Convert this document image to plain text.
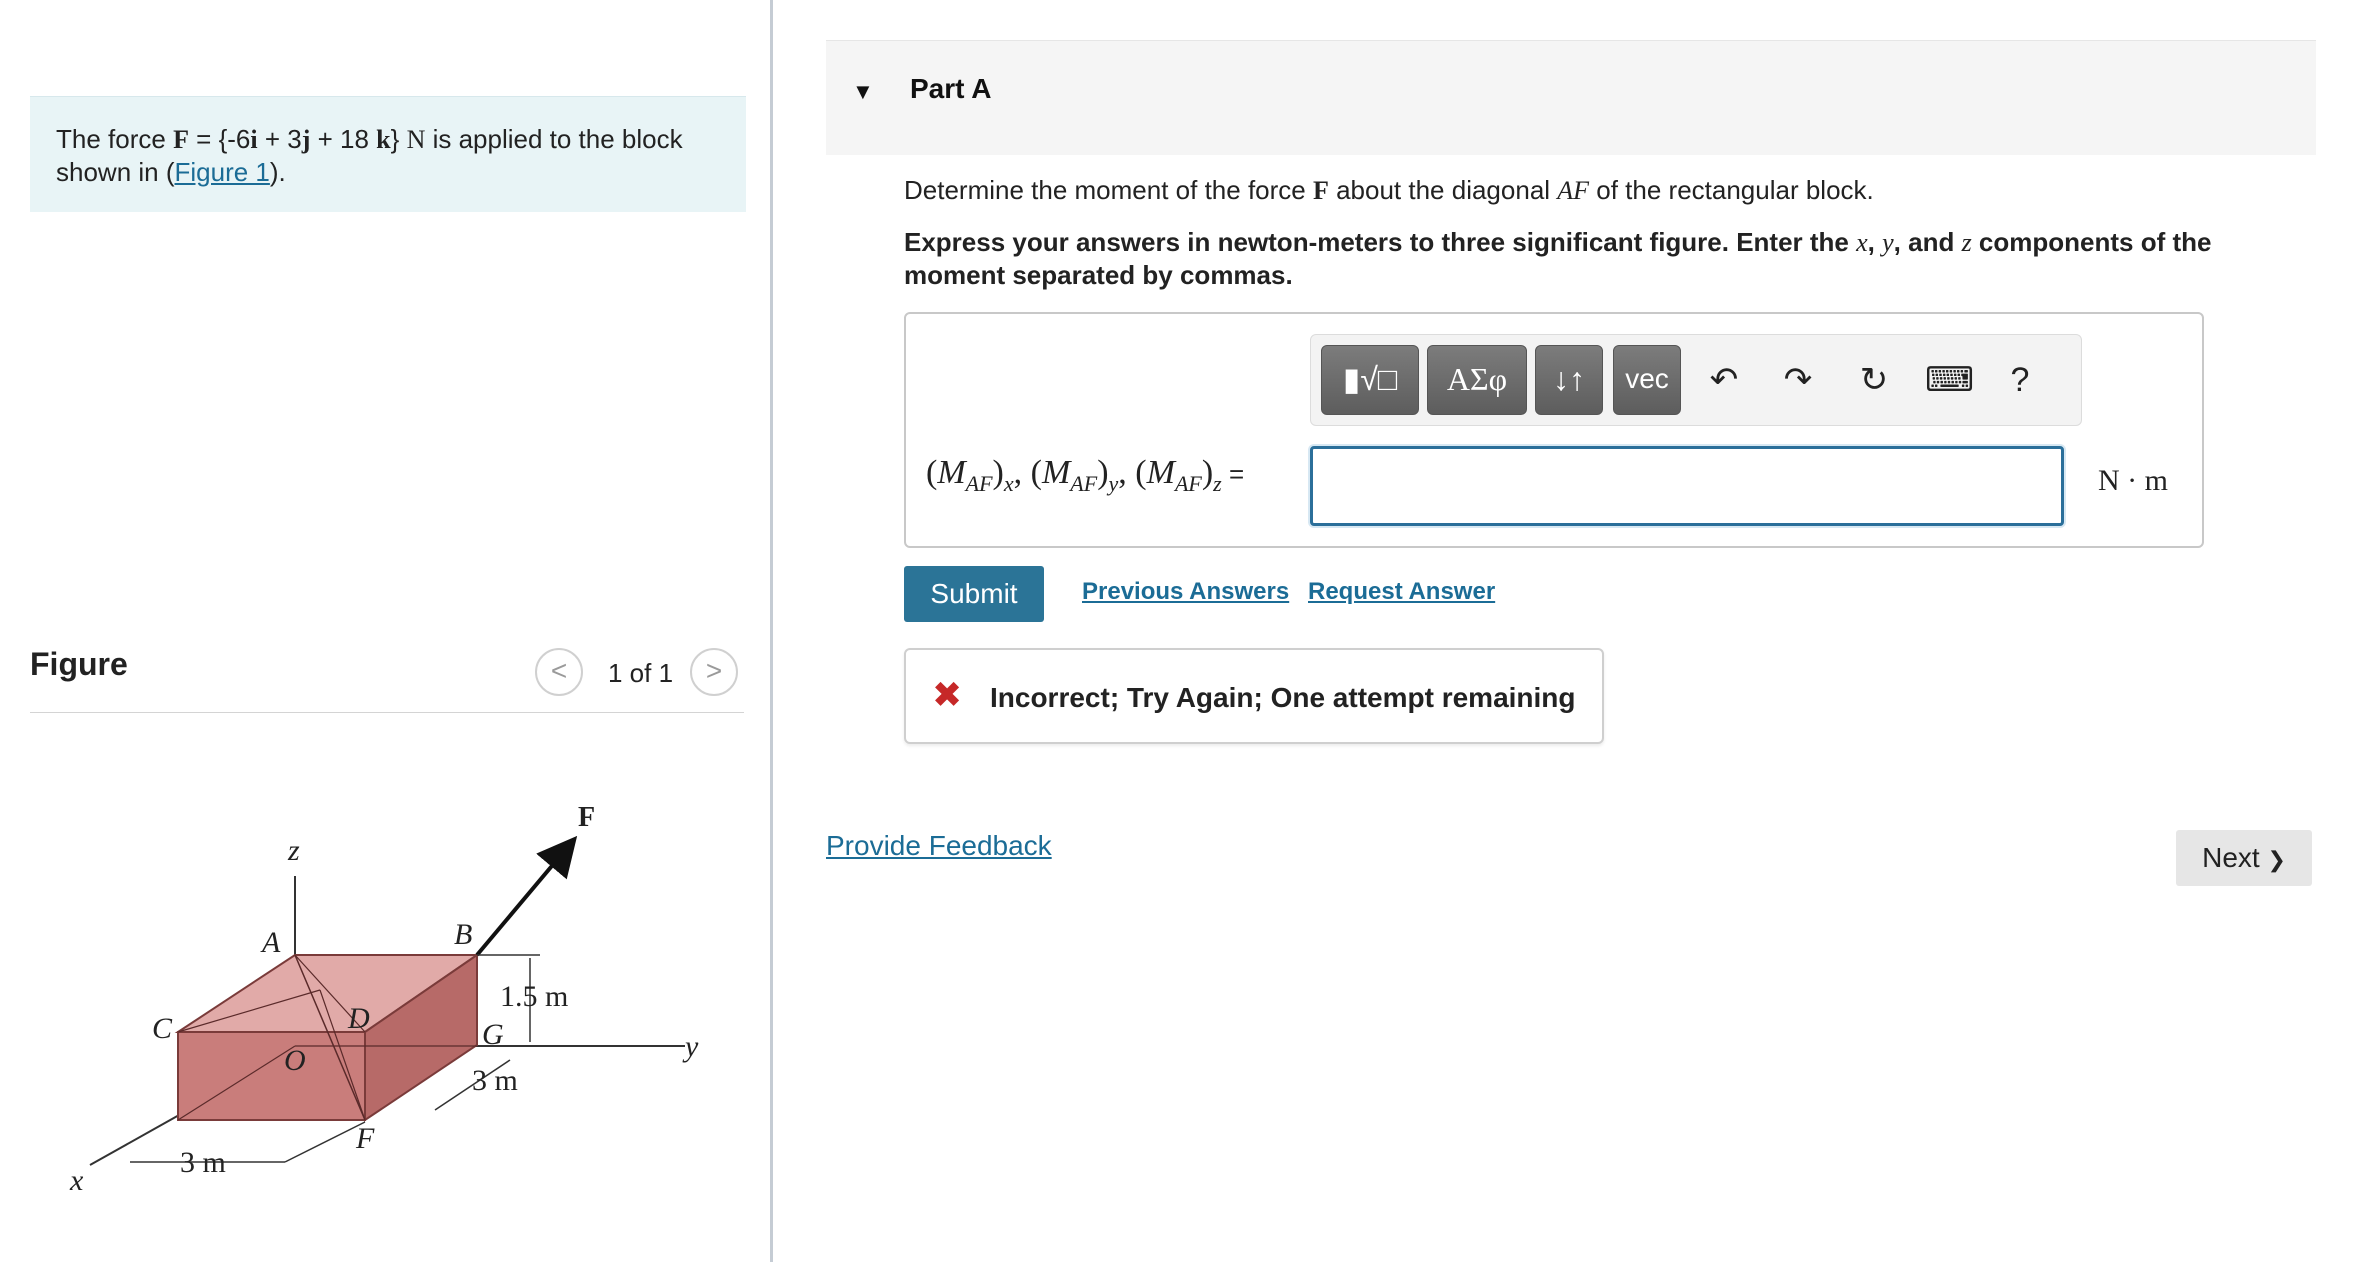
The force F = {-6i + 3j + 18 k} N is applied to the block
shown in (Figure 1).
Figure	<	1 of 1	>
z
A	B
C	D	G
O
F
x
y
F
1.5 m
3 m
3 m
▼ Part A
Determine the moment of the force F about the diagonal AF of the rectangular block.
Express your answers in newton-meters to three significant figure. Enter the x, y, and z components of the moment separated by commas.
▮√□	ΑΣφ	↓↑	vec	↶ ↷ ↻ ⌨	?
$(M_{AF})_x$, $(M_{AF})_y$, $(M_{AF})_z$ =	N · m
Submit	Previous Answers Request Answer
✖ Incorrect; Try Again; One attempt remaining
Provide Feedback	Next ❯
